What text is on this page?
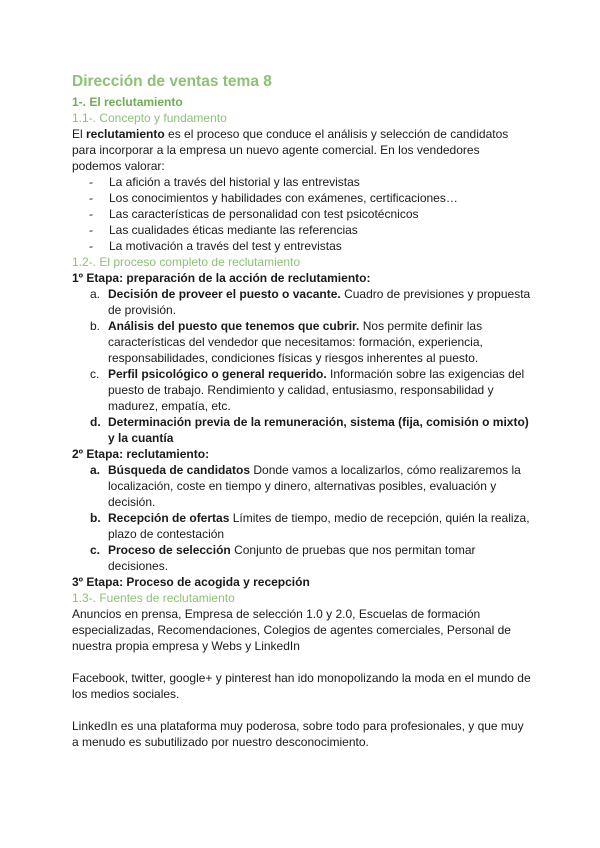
Dirección de ventas tema 8
1-. El reclutamiento
1.1-. Concepto y fundamento

El reclutamiento es el proceso que conduce el análisis y selección de candidatos para incorporar a la empresa un nuevo agente comercial. En los vendedores podemos valorar:

- La afición a través del historial y las entrevistas
- Los conocimientos y habilidades con exámenes, certificaciones…
- Las características de personalidad con test psicotécnicos
- Las cualidades éticas mediante las referencias
- La motivación a través del test y entrevistas
1.2-. El proceso completo de reclutamiento
1º Etapa: preparación de la acción de reclutamiento:
a. Decisión de proveer el puesto o vacante. Cuadro de previsiones y propuesta de provisión.
b. Análisis del puesto que tenemos que cubrir. Nos permite definir las características del vendedor que necesitamos: formación, experiencia, responsabilidades, condiciones físicas y riesgos inherentes al puesto.
c. Perfil psicológico o general requerido. Información sobre las exigencias del puesto de trabajo. Rendimiento y calidad, entusiasmo, responsabilidad y madurez, empatía, etc.
d. Determinación previa de la remuneración, sistema (fija, comisión o mixto) y la cuantía
2º Etapa: reclutamiento:
a. Búsqueda de candidatos Donde vamos a localizarlos, cómo realizaremos la localización, coste en tiempo y dinero, alternativas posibles, evaluación y decisión.
b. Recepción de ofertas Límites de tiempo, medio de recepción, quién la realiza, plazo de contestación
c. Proceso de selección Conjunto de pruebas que nos permitan tomar decisiones.
3º Etapa: Proceso de acogida y recepción
1.3-. Fuentes de reclutamiento

Anuncios en prensa, Empresa de selección 1.0 y 2.0, Escuelas de formación especializadas, Recomendaciones, Colegios de agentes comerciales, Personal de nuestra propia empresa y Webs y LinkedIn

Facebook, twitter, google+ y pinterest han ido monopolizando la moda en el mundo de los medios sociales.

LinkedIn es una plataforma muy poderosa, sobre todo para profesionales, y que muy a menudo es subutilizado por nuestro desconocimiento.
